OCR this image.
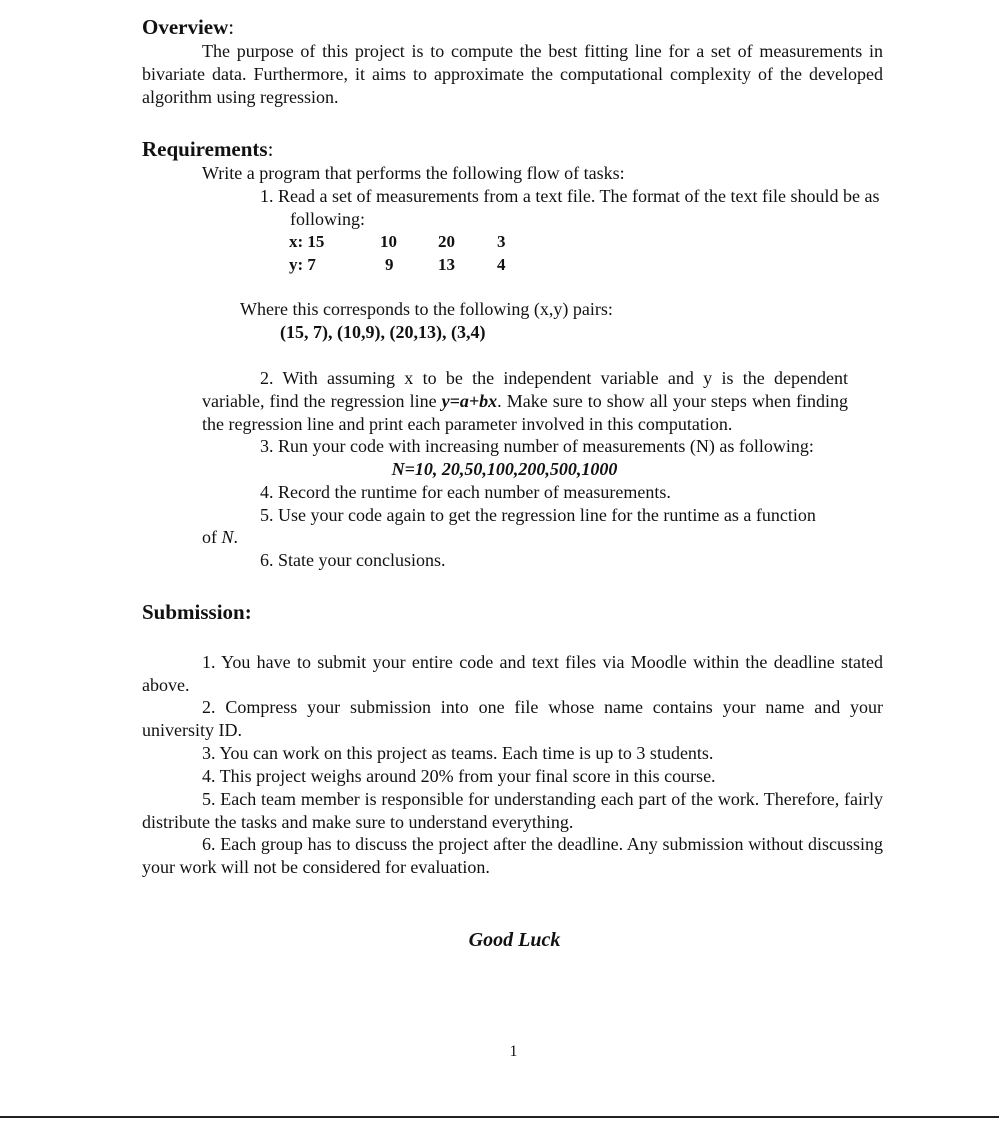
Overview:

The purpose of this project is to compute the best fitting line for a set of measurements in bivariate data. Furthermore, it aims to approximate the computational complexity of the developed algorithm using regression.

Requirements:

Write a program that performs the following flow of tasks:

1. Read a set of measurements from a text file. The format of the text file should be as following:

x: 15	10 20 3
y: 7	9	13 4

Where this corresponds to the following (x,y) pairs:

(15, 7), (10,9), (20,13), (3,4)

2. With assuming x to be the independent variable and y is the dependent variable, find the regression line y=a+bx. Make sure to show all your steps when finding the regression line and print each parameter involved in this computation.

3. Run your code with increasing number of measurements (N) as following:

N=10, 20,50,100,200,500,1000

4. Record the runtime for each number of measurements.

5. Use your code again to get the regression line for the runtime as a function

of N.

6. State your conclusions.

Submission:

1. You have to submit your entire code and text files via Moodle within the deadline stated above.

2. Compress your submission into one file whose name contains your name and your university ID.

3. You can work on this project as teams. Each time is up to 3 students.

4. This project weighs around 20% from your final score in this course.

5. Each team member is responsible for understanding each part of the work. Therefore, fairly distribute the tasks and make sure to understand everything.

6. Each group has to discuss the project after the deadline. Any submission without discussing your work will not be considered for evaluation.

Good Luck

1
